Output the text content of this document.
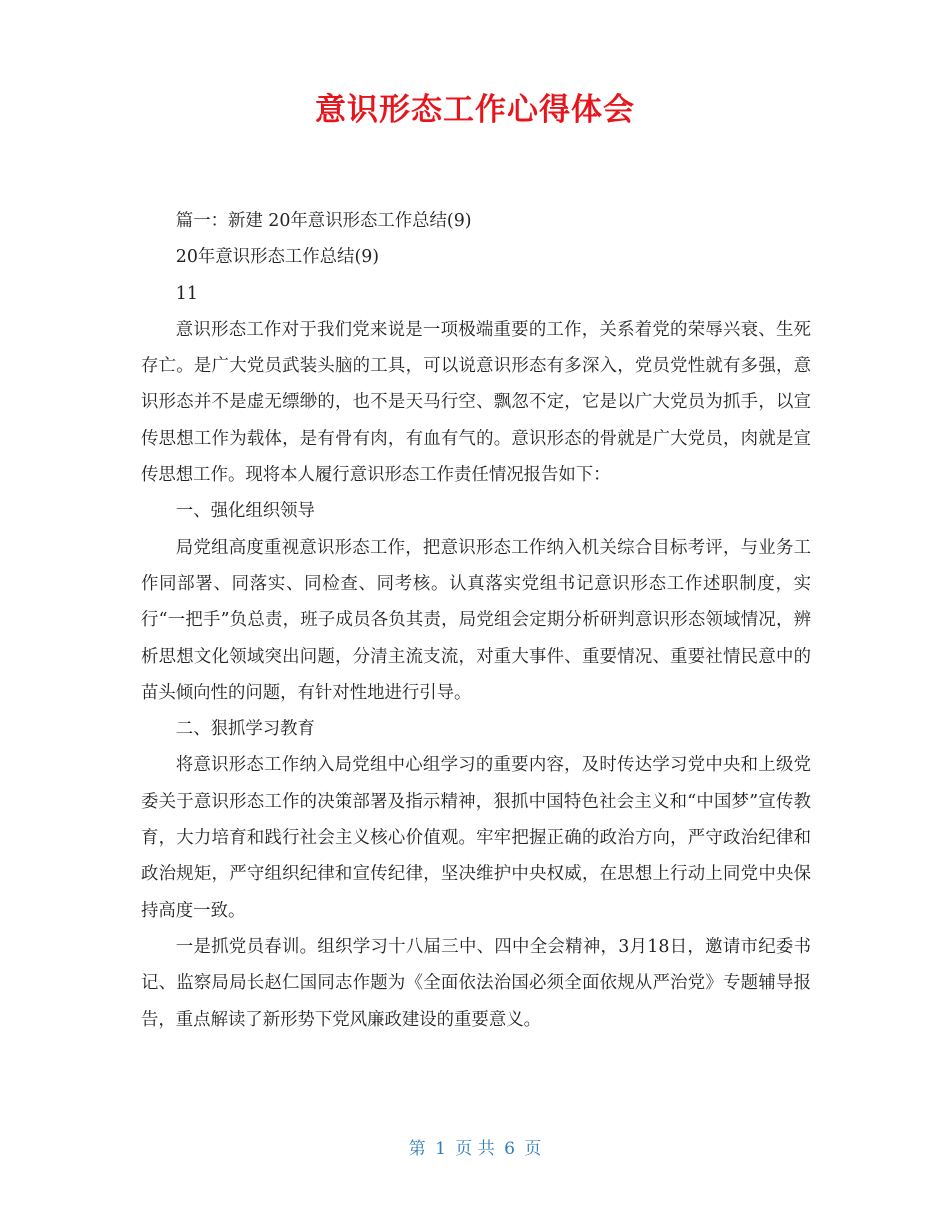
意识形态工作心得体会

篇一：新建 20年意识形态工作总结(9)

20年意识形态工作总结(9)

11

意识形态工作对于我们党来说是一项极端重要的工作，关系着党的荣辱兴衰、生死存亡。是广大党员武装头脑的工具，可以说意识形态有多深入，党员党性就有多强，意识形态并不是虚无缥缈的，也不是天马行空、飘忽不定，它是以广大党员为抓手，以宣传思想工作为载体，是有骨有肉，有血有气的。意识形态的骨就是广大党员，肉就是宣传思想工作。现将本人履行意识形态工作责任情况报告如下：

一、强化组织领导

局党组高度重视意识形态工作，把意识形态工作纳入机关综合目标考评，与业务工作同部署、同落实、同检查、同考核。认真落实党组书记意识形态工作述职制度，实行“一把手”负总责，班子成员各负其责，局党组会定期分析研判意识形态领域情况，辨析思想文化领域突出问题，分清主流支流，对重大事件、重要情况、重要社情民意中的苗头倾向性的问题，有针对性地进行引导。

二、狠抓学习教育

将意识形态工作纳入局党组中心组学习的重要内容，及时传达学习党中央和上级党委关于意识形态工作的决策部署及指示精神，狠抓中国特色社会主义和“中国梦”宣传教育，大力培育和践行社会主义核心价值观。牢牢把握正确的政治方向，严守政治纪律和政治规矩，严守组织纪律和宣传纪律，坚决维护中央权威，在思想上行动上同党中央保持高度一致。

一是抓党员春训。组织学习十八届三中、四中全会精神，3月18日，邀请市纪委书记、监察局局长赵仁国同志作题为《全面依法治国必须全面依规从严治党》专题辅导报告，重点解读了新形势下党风廉政建设的重要意义。

第 1 页 共 6 页
